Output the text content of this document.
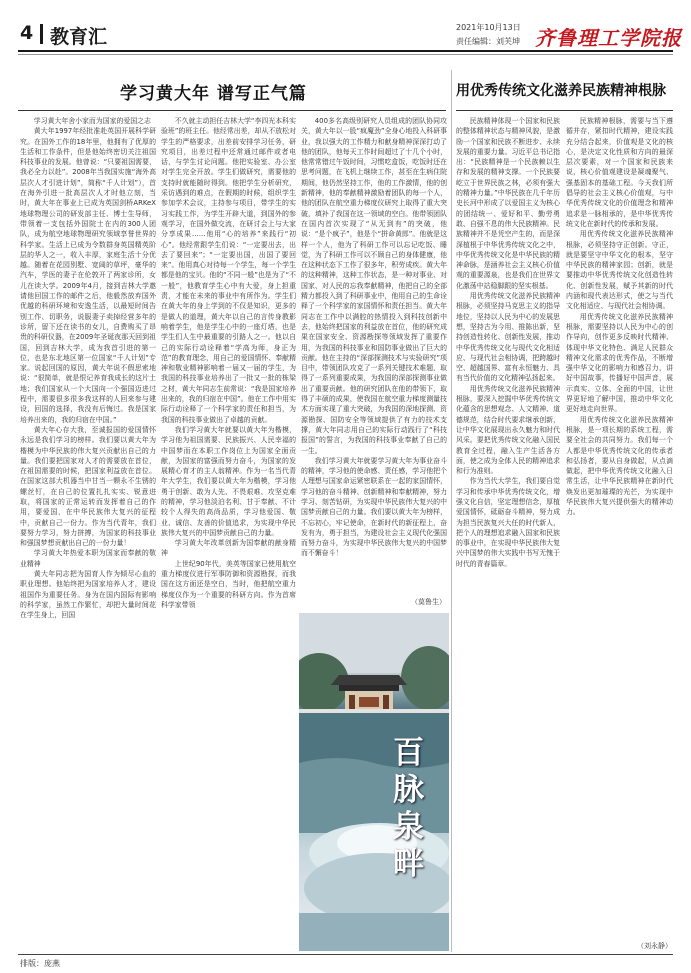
4 教育汇	2021年10月13日
责任编辑：刘芙坤 齐鲁理工学院报
学习黄大年 谱写正气篇	用优秀传统文化滋养民族精神根脉

学习黄大年舍小家而为国家的爱国之志
黄大年1997年经批准赴英国开展科学研究。在国外工作的18年里，他拥有了优厚的生活和工作条件，但是他始终密切关注祖国科技事业的发展。他曾说：“只要祖国需要，我必全力以赴”。2008年当我国实施“海外高层次人才引进计划”，简称“千人计划”），首在海外引进一批高层次人才时他立刻，当时，黄大年在事业上已成为英国剑桥ARKeX地球物理公司的研发部主任、博士生导师，带领着一支包括外国院士在内的300人团队，成为航空地球物理研究领域享誉世界的科学家。生活上已成为令数群身英国精英阶层的华人之一，收入丰厚，家庭生活十分优越。随着在花园别墅、宽阔的草坪，豪华的汽车，学医的妻子在伦敦开了两家诊所，女儿在读大学。2009年4月，接到吉林大学邀请他回国工作的邮件之后，他毅然放弃国外优越的科研环境和安逸生活，以最短时间告别工作、切职务，说服妻子卖掉经营多年的诊所，留下还在读书的女儿，自费购买了昂贵的科研仪器，在2009年圣诞夜那天回到祖国，回到吉林大学，成为我首引进的第一位，也是东北地区第一位国家“千人计划”专家。说起回国的原因，黄大年说不假思索地说：“很简单，就是恨记养育我成长的这片土地；我们国家从一个大国向一个强国迈进过程中，需要很多很多我这样的人回来参与建设，回国的选择，我没有后悔过。我是国家培养出来的，我的归宿在中国。”
黄大年心存大我，至诚报国的爱国情怀永远是我们学习的榜样。我们要以黄大年为楷模为中华民族的伟大复兴贡献出自己的力量。我们要把国家对人才的需要放在首位，在祖国需要的时候，把国家利益放在首位。在国家这部大机器当中甘当一颗永不生锈的螺丝钉，在自己的位置扎扎实实、锐意进取，将国家的正常运转而发挥着自己的作用，要爱国，在中华民族伟大复兴的征程中，贡献自己一份力。作为当代青年，我们要努力学习，努力拼搏，为国家的科技事业和强国梦想贡献出自己的一份力量！
学习黄大年热爱本职为国家而奉献的敬业精神
黄大年同志把为国育人作为倾尽心血的职业理想。他始终把为国家培养人才，建设祖国作为重要任务。身为在国内国际有影响的科学家，虽然工作繁忙，却把大量时间花在学生身上，回国

不久就主动担任吉林大学“李四光本科实验班”的班主任。他经常出差，却从不放松对学生的严格要求，出差前安排学习任务，研究项目，出差过程中还常通过邮件或者电话，与学生讨论问题。他把实验室、办公室对学生完全开放。学生们做研究，需要他的支持时就能随时得到。他把学生分析研究，采访遇到的难点，在假期的时候，组织学生参加学术会议，主持参与项目，带学生的实习实践工作，为学生开辟大道，到国外的参观学习，在国外做交流，在研讨会上与大家分享成果……他用“心的培养”来践行“初心”。他经常跟学生们说：“一定要出去，出去了要回来”；“一定要出国，出国了要回来”。他用真心对待每一个学生，每一个学生都是他的宝贝。他的“不同一般”也是为了“不一般”，他教育学生心中有大爱，身上担重责，才能在未来的事业中有所作为。学生们在黄大年的身上学到的不仅是知识，更多的是做人的道理，黄大年以自己的言传身教影响着学生，他是学生心中的一座灯塔，也是学生们人生中最重要的引路人之一。他以自己的实际行动诠释着“学高为师，身正为范”的教育理念，用自己的爱国情怀、奉献精神和敬业精神影响着一届又一届的学生，为我国的科技事业培养出了一批又一批的栋梁之材，黄大年同志生前常说：“我是国家培养出来的，我的归宿在中国”。他在工作中用实际行动诠释了一个科学家的责任和担当，为我国的科技事业做出了卓越的贡献。
我们学习黄大年就要以黄大年为楷模，学习他为祖国需要、民族振兴、人民幸福的中国梦而在本职工作岗位上为国家全面贡献，为国家的富强而努力奋斗，为国家的发展精心育才的主人翁精神。作为一名当代青年大学生，我们要以黄大年为楷模，学习他勇于创新、敢为人先、不畏艰难、攻坚克难的精神，学习他淡泊名利、甘于奉献、不计较个人得失的高尚品质，学习他爱国、敬业、诚信、友善的价值追求，为实现中华民族伟大复兴的中国梦贡献自己的力量。
学习黄大年改革创新为国奉献的献身精神
上世纪90年代，美英等国家已使用航空重力梯度仪进行军事防御和资源勘探，而我国在这方面还是空白，当时，他把航空重力梯度仪作为一个重要的科研方向。作为首席科学家带领

400多名高级别研究人员组成的团队协同攻关，黄大年以一股“疯魔劲”全身心地投入科研事业，我以强大的工作精力和献身精神深深打动了他的团队，他每天工作时间超过了十几个小时，他常常错过午饭时间，习惯吃盒饭，吃饭时还在思考问题，在飞机上继续工作，甚至在生病住院期间，他仍然坚持工作，他的工作激情，他的创新精神，他的奉献精神激励着团队的每一个人，他的团队在航空重力梯度仪研究上取得了重大突破，填补了我国在这一领域的空白。他带领团队在国内首次实现了“从无到有”的突破，他说：“是个疯子”，他是个“拼命黄郎”。他就是这样一个人，他为了科研工作可以忘记吃饭、睡觉，为了科研工作可以不顾自己的身体健康，他在这种状态下工作了很多年，积劳成疾。黄大年的这种精神，这种工作状态，是一种对事业、对国家、对人民的忘我奉献精神，他把自己的全部精力都投入到了科研事业中，他用自己的生命诠释了一个科学家的家国情怀和责任担当。黄大年同志在工作中以满腔的热情投入到科技创新中去，他始终把国家的利益放在首位，他的研究成果在国家安全、资源勘探等领域发挥了重要作用，为我国的科技事业和国防事业做出了巨大的贡献。他在主持的“深部探测技术与实验研究”项目中，带领团队攻克了一系列关键技术难题，取得了一系列重要成果，为我国的深部探测事业做出了重要贡献。他的研究团队在他的带领下，取得了丰硕的成果，使我国在航空重力梯度测量技术方面实现了重大突破，为我国的深地探测、资源勘探、国防安全等领域提供了有力的技术支撑，黄大年同志用自己的实际行动践行了“科技报国”的誓言，为我国的科技事业奉献了自己的一生。
我们学习黄大年就要学习黄大年为事业奋斗的精神，学习他的使命感、责任感，学习他把个人理想与国家命运紧密联系在一起的家国情怀，学习他的奋斗精神、创新精神和奉献精神，努力学习、刻苦钻研，为实现中华民族伟大复兴的中国梦贡献自己的力量。我们要以黄大年为榜样，不忘初心，牢记使命，在新时代的新征程上，奋发有为，勇于担当，为建设社会主义现代化强国而努力奋斗，为实现中华民族伟大复兴的中国梦而不懈奋斗！

（莫鲁生）
百脉泉畔

民族精神体现一个国家和民族的整体精神状态与精神风貌，是激励一个国家和民族不断进步、永续发展的重要力量。习近平总书记指出：“民族精神是一个民族赖以生存和发展的精神支撑。一个民族要屹立于世界民族之林，必须有强大的精神力量。”中华民族在几千年历史长河中形成了以爱国主义为核心的团结统一、爱好和平、勤劳勇敢、自强不息的伟大民族精神。民族精神并不是凭空产生的，而是深深植根于中华优秀传统文化之中，中华优秀传统文化是中华民族的精神命脉，是涵养社会主义核心价值观的重要源泉，也是我们在世界文化激荡中站稳脚跟的坚实根基。
用优秀传统文化滋养民族精神根脉，必须坚持马克思主义的指导地位，坚持以人民为中心的发展思想，坚持古为今用、推陈出新，坚持创造性转化、创新性发展，推动中华优秀传统文化与现代文化相适应、与现代社会相协调，把跨越时空、超越国界、富有永恒魅力、具有当代价值的文化精神弘扬起来。
用优秀传统文化滋养民族精神根脉，要深入挖掘中华优秀传统文化蕴含的思想观念、人文精神、道德规范，结合时代要求继承创新，让中华文化展现出永久魅力和时代风采。要把优秀传统文化融入国民教育全过程，融入生产生活各方面，使之成为全体人民的精神追求和行为准则。
作为当代大学生，我们要自觉学习和传承中华优秀传统文化，增强文化自信，坚定理想信念，厚植爱国情怀，砥砺奋斗精神，努力成为担当民族复兴大任的时代新人，把个人的理想追求融入国家和民族的事业中，在实现中华民族伟大复兴中国梦的伟大实践中书写无愧于时代的青春篇章。

民族精神根脉，需要与当下遵循并存，紧扣时代精神，建设实践充分结合起来，价值观是文化的核心，是决定文化性质和方向的最深层次要素，对一个国家和民族来说，核心价值观建设是凝魂聚气、强基固本的基础工程。今天我们所倡导的社会主义核心价值观，与中华优秀传统文化的价值理念和精神追求是一脉相承的，是中华优秀传统文化在新时代的传承和发展。
用优秀传统文化滋养民族精神根脉，必须坚持守正创新。守正，就是要坚守中华文化的根本，坚守中华民族的精神家园；创新，就是要推动中华优秀传统文化创造性转化、创新性发展，赋予其新的时代内涵和现代表达形式，使之与当代文化相适应、与现代社会相协调。
用优秀传统文化滋养民族精神根脉，需要坚持以人民为中心的创作导向，创作更多反映时代精神、体现中华文化特色、满足人民群众精神文化需求的优秀作品，不断增强中华文化的影响力和感召力，讲好中国故事，传播好中国声音，展示真实、立体、全面的中国，让世界更好地了解中国，推动中华文化更好地走向世界。
用优秀传统文化滋养民族精神根脉，是一项长期的系统工程，需要全社会的共同努力。我们每一个人都是中华优秀传统文化的传承者和弘扬者，要从自身做起，从点滴做起，把中华优秀传统文化融入日常生活，让中华民族精神在新时代焕发出更加璀璨的光芒，为实现中华民族伟大复兴提供强大的精神动力。

（刘永静）
排版：庞燕
